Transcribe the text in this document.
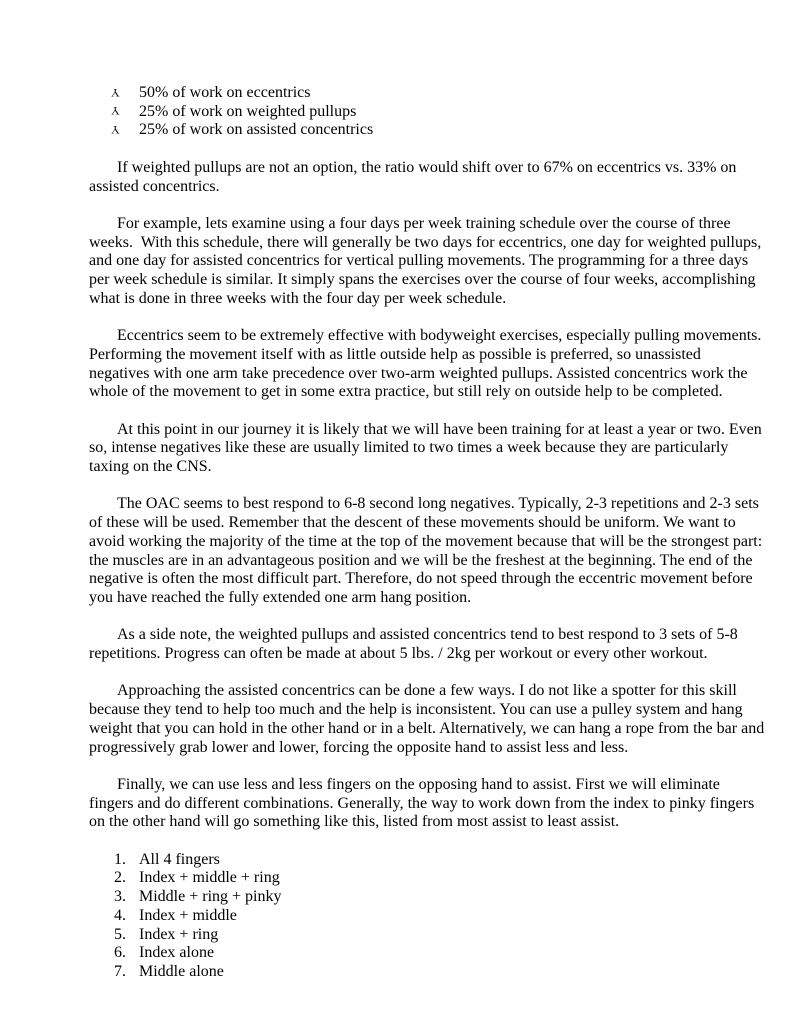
Y 50% of work on eccentrics
Y 25% of work on weighted pullups
Y 25% of work on assisted concentrics

If weighted pullups are not an option, the ratio would shift over to 67% on eccentrics vs. 33% on assisted concentrics.

For example, lets examine using a four days per week training schedule over the course of three weeks.  With this schedule, there will generally be two days for eccentrics, one day for weighted pullups, and one day for assisted concentrics for vertical pulling movements. The programming for a three days per week schedule is similar. It simply spans the exercises over the course of four weeks, accomplishing what is done in three weeks with the four day per week schedule.

Eccentrics seem to be extremely effective with bodyweight exercises, especially pulling movements. Performing the movement itself with as little outside help as possible is preferred, so unassisted negatives with one arm take precedence over two-arm weighted pullups. Assisted concentrics work the whole of the movement to get in some extra practice, but still rely on outside help to be completed.

At this point in our journey it is likely that we will have been training for at least a year or two. Even so, intense negatives like these are usually limited to two times a week because they are particularly taxing on the CNS.

The OAC seems to best respond to 6-8 second long negatives. Typically, 2-3 repetitions and 2-3 sets of these will be used. Remember that the descent of these movements should be uniform. We want to avoid working the majority of the time at the top of the movement because that will be the strongest part: the muscles are in an advantageous position and we will be the freshest at the beginning. The end of the negative is often the most difficult part. Therefore, do not speed through the eccentric movement before you have reached the fully extended one arm hang position.

As a side note, the weighted pullups and assisted concentrics tend to best respond to 3 sets of 5-8 repetitions. Progress can often be made at about 5 lbs. / 2kg per workout or every other workout.

Approaching the assisted concentrics can be done a few ways. I do not like a spotter for this skill because they tend to help too much and the help is inconsistent. You can use a pulley system and hang weight that you can hold in the other hand or in a belt. Alternatively, we can hang a rope from the bar and progressively grab lower and lower, forcing the opposite hand to assist less and less.

Finally, we can use less and less fingers on the opposing hand to assist. First we will eliminate fingers and do different combinations. Generally, the way to work down from the index to pinky fingers on the other hand will go something like this, listed from most assist to least assist.

1. All 4 fingers
2. Index + middle + ring
3. Middle + ring + pinky
4. Index + middle
5. Index + ring
6. Index alone
7. Middle alone
